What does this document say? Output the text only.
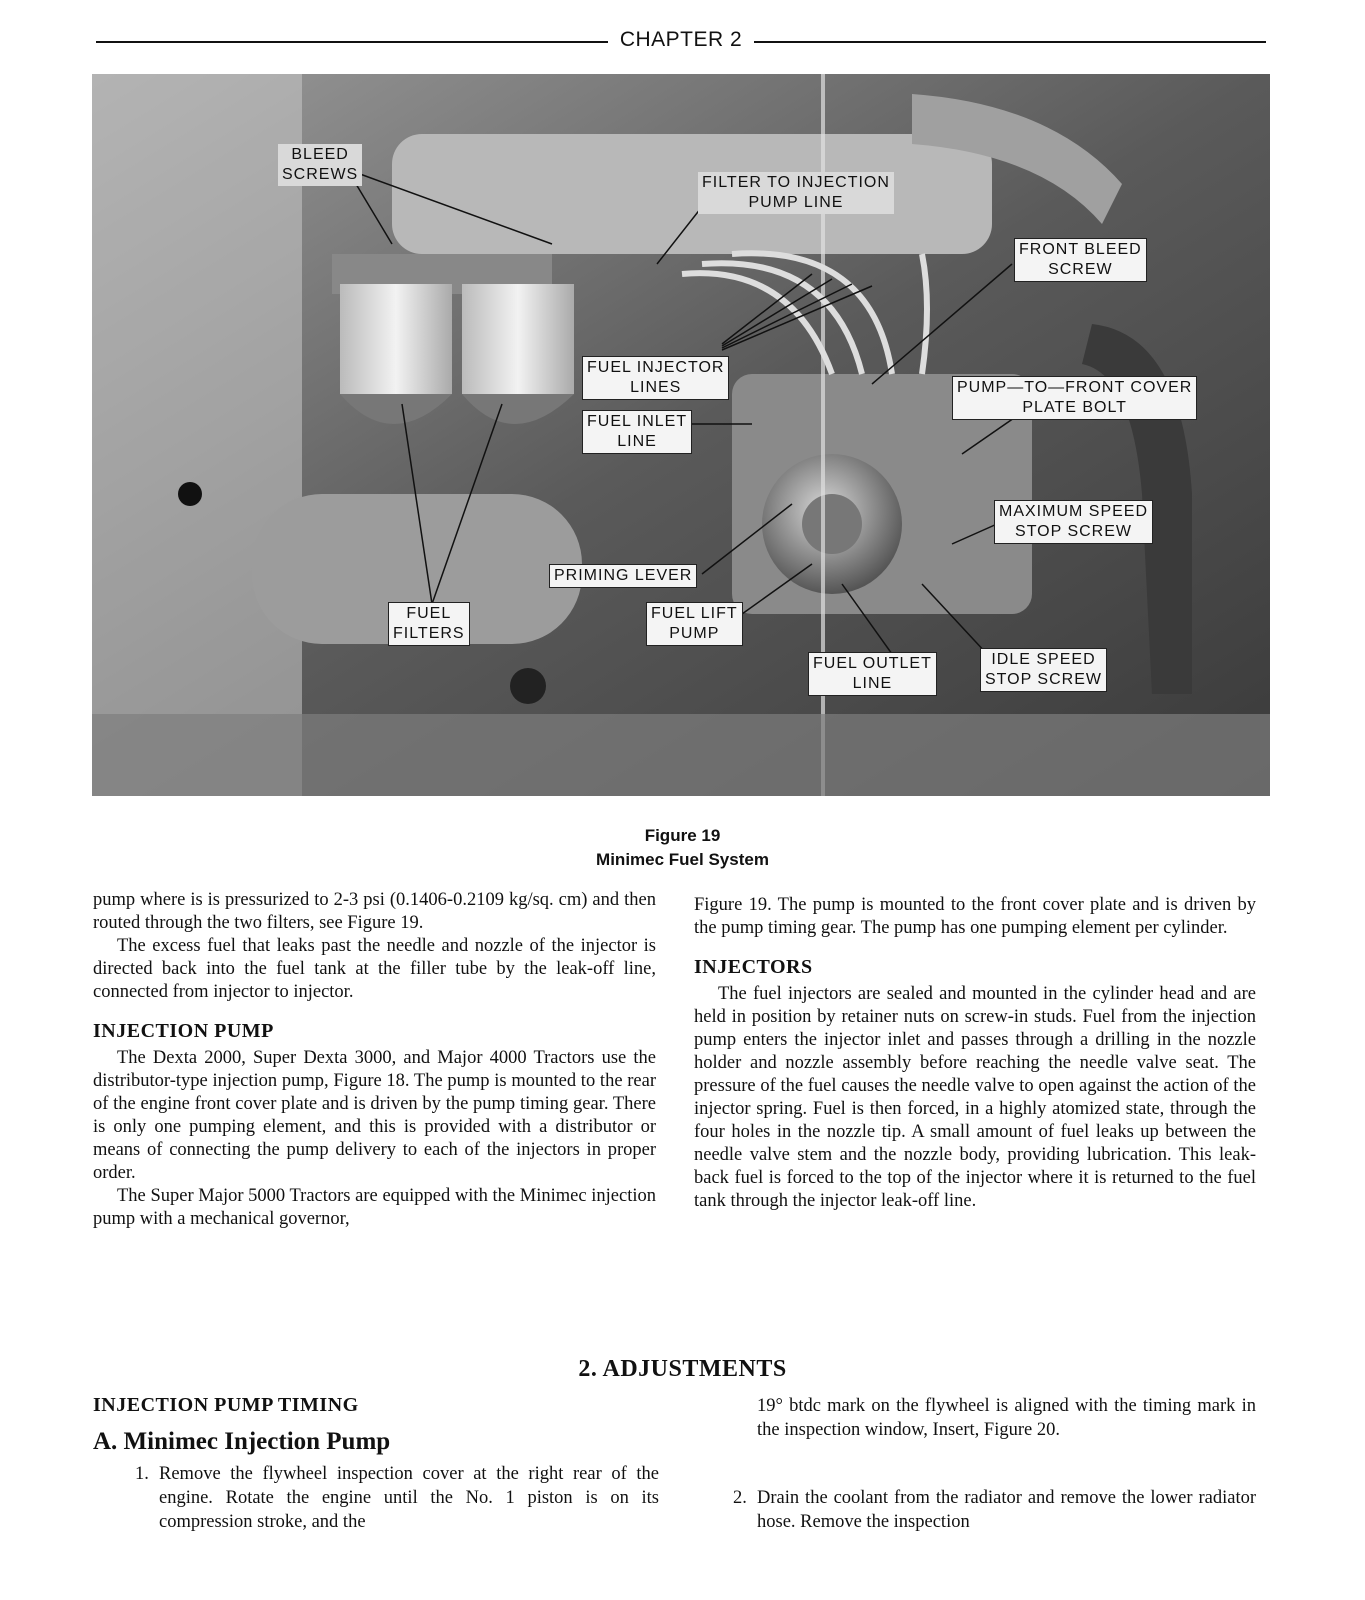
CHAPTER 2
BLEED
SCREWS	FILTER TO INJECTION
PUMP LINE
FRONT BLEED
SCREW
FUEL INJECTOR
LINES	PUMP—TO—FRONT COVER
PLATE BOLT
FUEL INLET
LINE
MAXIMUM SPEED
STOP SCREW
PRIMING LEVER
FUEL
FILTERS
FUEL LIFT
PUMP
FUEL OUTLET
LINE
IDLE SPEED
STOP SCREW
Figure 19
Minimec Fuel System

pump where is is pressurized to 2-3 psi (0.1406-0.2109 kg/sq. cm) and then routed through the two filters, see Figure 19.

The excess fuel that leaks past the needle and nozzle of the injector is directed back into the fuel tank at the filler tube by the leak-off line, connected from injector to injector.

INJECTION PUMP

The Dexta 2000, Super Dexta 3000, and Major 4000 Tractors use the distributor-type injection pump, Figure 18. The pump is mounted to the rear of the engine front cover plate and is driven by the pump timing gear. There is only one pumping element, and this is provided with a distributor or means of connecting the pump delivery to each of the injectors in proper order.

The Super Major 5000 Tractors are equipped with the Minimec injection pump with a mechanical governor,

Figure 19. The pump is mounted to the front cover plate and is driven by the pump timing gear. The pump has one pumping element per cylinder.

INJECTORS

The fuel injectors are sealed and mounted in the cylinder head and are held in position by retainer nuts on screw-in studs. Fuel from the injection pump enters the injector inlet and passes through a drilling in the nozzle holder and nozzle assembly before reaching the needle valve seat. The pressure of the fuel causes the needle valve to open against the action of the injector spring. Fuel is then forced, in a highly atomized state, through the four holes in the nozzle tip. A small amount of fuel leaks up between the needle valve stem and the nozzle body, providing lubrication. This leak-back fuel is forced to the top of the injector where it is returned to the fuel tank through the injector leak-off line.

2. ADJUSTMENTS
INJECTION PUMP TIMING
A. Minimec Injection Pump
1. Remove the flywheel inspection cover at the right rear of the engine. Rotate the engine until the No. 1 piston is on its compression stroke, and the
19° btdc mark on the flywheel is aligned with the timing mark in the inspection window, Insert, Figure 20.
2. Drain the coolant from the radiator and remove the lower radiator hose. Remove the inspection
